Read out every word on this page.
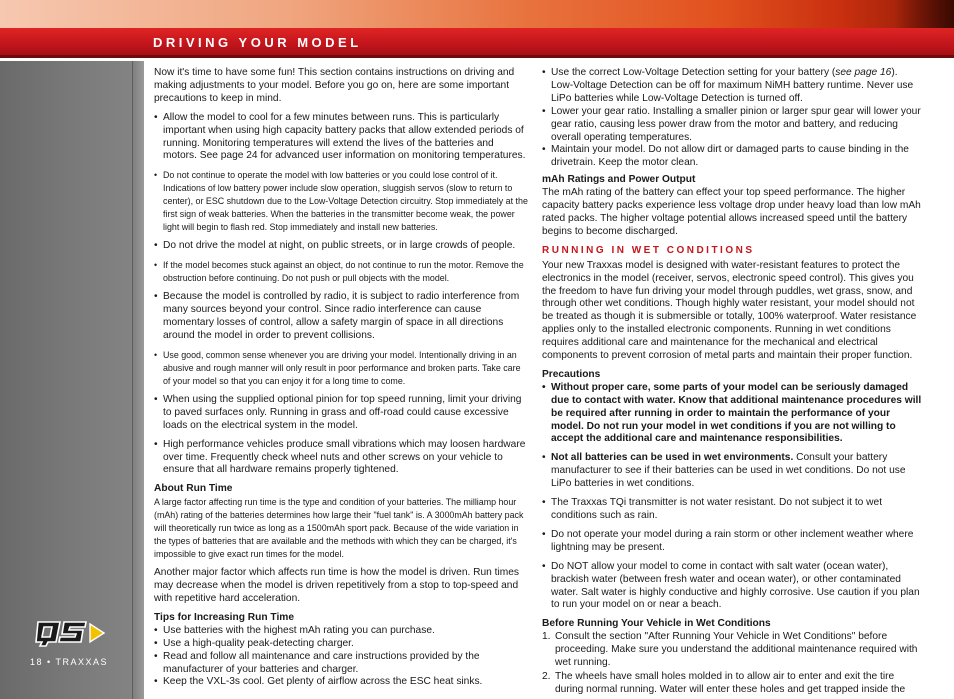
DRIVING YOUR MODEL
18 • TRAXXAS

Now it's time to have some fun! This section contains instructions on driving and making adjustments to your model. Before you go on, here are some important precautions to keep in mind.

• Allow the model to cool for a few minutes between runs. This is particularly important when using high capacity battery packs that allow extended periods of running. Monitoring temperatures will extend the lives of the batteries and motors. See page 24 for advanced user information on monitoring temperatures.
• Do not continue to operate the model with low batteries or you could lose control of it. Indications of low battery power include slow operation, sluggish servos (slow to return to center), or ESC shutdown due to the Low-Voltage Detection circuitry. Stop immediately at the first sign of weak batteries. When the batteries in the transmitter become weak, the power light will begin to flash red. Stop immediately and install new batteries.
• Do not drive the model at night, on public streets, or in large crowds of people.
• If the model becomes stuck against an object, do not continue to run the motor. Remove the obstruction before continuing. Do not push or pull objects with the model.
• Because the model is controlled by radio, it is subject to radio interference from many sources beyond your control. Since radio interference can cause momentary losses of control, allow a safety margin of space in all directions around the model in order to prevent collisions.
• Use good, common sense whenever you are driving your model. Intentionally driving in an abusive and rough manner will only result in poor performance and broken parts. Take care of your model so that you can enjoy it for a long time to come.
• When using the supplied optional pinion for top speed running, limit your driving to paved surfaces only. Running in grass and off-road could cause excessive loads on the electrical system in the model.
• High performance vehicles produce small vibrations which may loosen hardware over time. Frequently check wheel nuts and other screws on your vehicle to ensure that all hardware remains properly tightened.
About Run Time

A large factor affecting run time is the type and condition of your batteries. The milliamp hour (mAh) rating of the batteries determines how large their "fuel tank" is. A 3000mAh battery pack will theoretically run twice as long as a 1500mAh sport pack. Because of the wide variation in the types of batteries that are available and the methods with which they can be charged, it's impossible to give exact run times for the model.

Another major factor which affects run time is how the model is driven. Run times may decrease when the model is driven repetitively from a stop to top-speed and with repetitive hard acceleration.

Tips for Increasing Run Time
• Use batteries with the highest mAh rating you can purchase.
• Use a high-quality peak-detecting charger.
• Read and follow all maintenance and care instructions provided by the manufacturer of your batteries and charger.
• Keep the VXL-3s cool. Get plenty of airflow across the ESC heat sinks.
• Use the correct Low-Voltage Detection setting for your battery (see page 16). Low-Voltage Detection can be off for maximum NiMH battery runtime. Never use LiPo batteries while Low-Voltage Detection is turned off.
• Lower your gear ratio. Installing a smaller pinion or larger spur gear will lower your gear ratio, causing less power draw from the motor and battery, and reducing overall operating temperatures.
• Maintain your model. Do not allow dirt or damaged parts to cause binding in the drivetrain. Keep the motor clean.
mAh Ratings and Power Output

The mAh rating of the battery can effect your top speed performance. The higher capacity battery packs experience less voltage drop under heavy load than low mAh rated packs. The higher voltage potential allows increased speed until the battery begins to become discharged.

RUNNING IN WET CONDITIONS

Your new Traxxas model is designed with water-resistant features to protect the electronics in the model (receiver, servos, electronic speed control). This gives you the freedom to have fun driving your model through puddles, wet grass, snow, and through other wet conditions. Though highly water resistant, your model should not be treated as though it is submersible or totally, 100% waterproof. Water resistance applies only to the installed electronic components. Running in wet conditions requires additional care and maintenance for the mechanical and electrical components to prevent corrosion of metal parts and maintain their proper function.

Precautions
• Without proper care, some parts of your model can be seriously damaged due to contact with water. Know that additional maintenance procedures will be required after running in order to maintain the performance of your model. Do not run your model in wet conditions if you are not willing to accept the additional care and maintenance responsibilities.
• Not all batteries can be used in wet environments. Consult your battery manufacturer to see if their batteries can be used in wet conditions. Do not use LiPo batteries in wet conditions.
• The Traxxas TQi transmitter is not water resistant. Do not subject it to wet conditions such as rain.
• Do not operate your model during a rain storm or other inclement weather where lightning may be present.
• Do NOT allow your model to come in contact with salt water (ocean water), brackish water (between fresh water and ocean water), or other contaminated water. Salt water is highly conductive and highly corrosive. Use caution if you plan to run your model on or near a beach.
Before Running Your Vehicle in Wet Conditions
1. Consult the section "After Running Your Vehicle in Wet Conditions" before proceeding. Make sure you understand the additional maintenance required with wet running.
2. The wheels have small holes molded in to allow air to enter and exit the tire during normal running. Water will enter these holes and get trapped inside the
